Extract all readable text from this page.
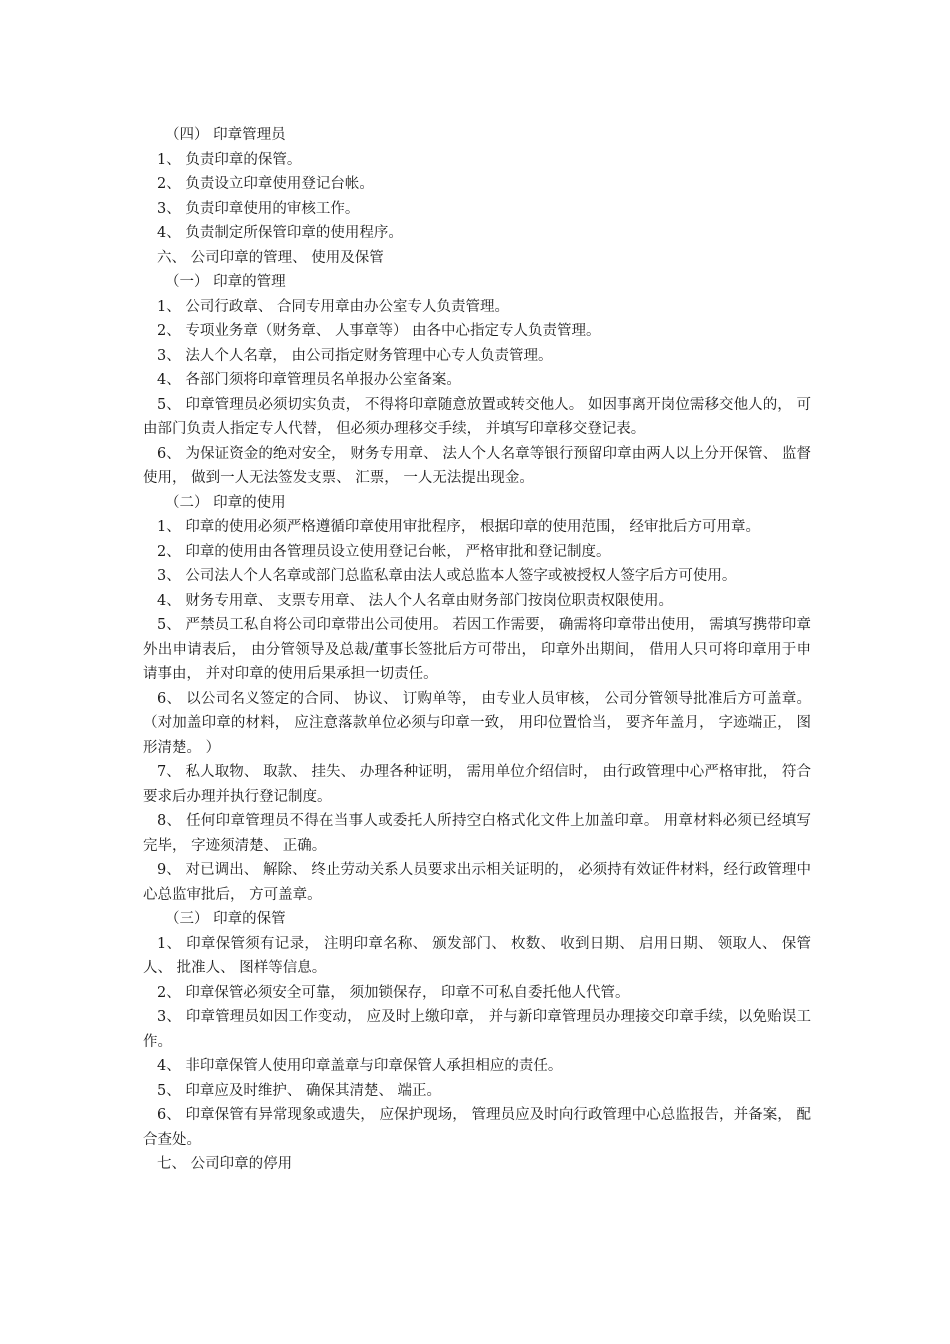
（四） 印章管理员

1、 负责印章的保管。

2、 负责设立印章使用登记台帐。

3、 负责印章使用的审核工作。

4、 负责制定所保管印章的使用程序。

六、 公司印章的管理、 使用及保管

（一） 印章的管理

1、 公司行政章、 合同专用章由办公室专人负责管理。

2、 专项业务章（财务章、 人事章等） 由各中心指定专人负责管理。

3、 法人个人名章， 由公司指定财务管理中心专人负责管理。

4、 各部门须将印章管理员名单报办公室备案。

5、 印章管理员必须切实负责， 不得将印章随意放置或转交他人。 如因事离开岗位需移交他人的， 可由部门负责人指定专人代替， 但必须办理移交手续， 并填写印章移交登记表。

6、 为保证资金的绝对安全， 财务专用章、 法人个人名章等银行预留印章由两人以上分开保管、 监督使用， 做到一人无法签发支票、 汇票， 一人无法提出现金。

（二） 印章的使用

1、 印章的使用必须严格遵循印章使用审批程序， 根据印章的使用范围， 经审批后方可用章。

2、 印章的使用由各管理员设立使用登记台帐， 严格审批和登记制度。

3、 公司法人个人名章或部门总监私章由法人或总监本人签字或被授权人签字后方可使用。

4、 财务专用章、 支票专用章、 法人个人名章由财务部门按岗位职责权限使用。

5、 严禁员工私自将公司印章带出公司使用。 若因工作需要， 确需将印章带出使用， 需填写携带印章外出申请表后， 由分管领导及总裁/董事长签批后方可带出， 印章外出期间， 借用人只可将印章用于申请事由， 并对印章的使用后果承担一切责任。

6、 以公司名义签定的合同、 协议、 订购单等， 由专业人员审核， 公司分管领导批准后方可盖章。 （对加盖印章的材料， 应注意落款单位必须与印章一致， 用印位置恰当， 要齐年盖月， 字迹端正， 图形清楚。 ）

7、 私人取物、 取款、 挂失、 办理各种证明， 需用单位介绍信时， 由行政管理中心严格审批， 符合要求后办理并执行登记制度。

8、 任何印章管理员不得在当事人或委托人所持空白格式化文件上加盖印章。 用章材料必须已经填写完毕， 字迹须清楚、 正确。

9、 对已调出、 解除、 终止劳动关系人员要求出示相关证明的， 必须持有效证件材料，经行政管理中心总监审批后， 方可盖章。

（三） 印章的保管

1、 印章保管须有记录， 注明印章名称、 颁发部门、 枚数、 收到日期、 启用日期、 领取人、 保管人、 批准人、 图样等信息。

2、 印章保管必须安全可靠， 须加锁保存， 印章不可私自委托他人代管。

3、 印章管理员如因工作变动， 应及时上缴印章， 并与新印章管理员办理接交印章手续，以免贻误工作。

4、 非印章保管人使用印章盖章与印章保管人承担相应的责任。

5、 印章应及时维护、 确保其清楚、 端正。

6、 印章保管有异常现象或遗失， 应保护现场， 管理员应及时向行政管理中心总监报告，并备案， 配合查处。

七、 公司印章的停用
